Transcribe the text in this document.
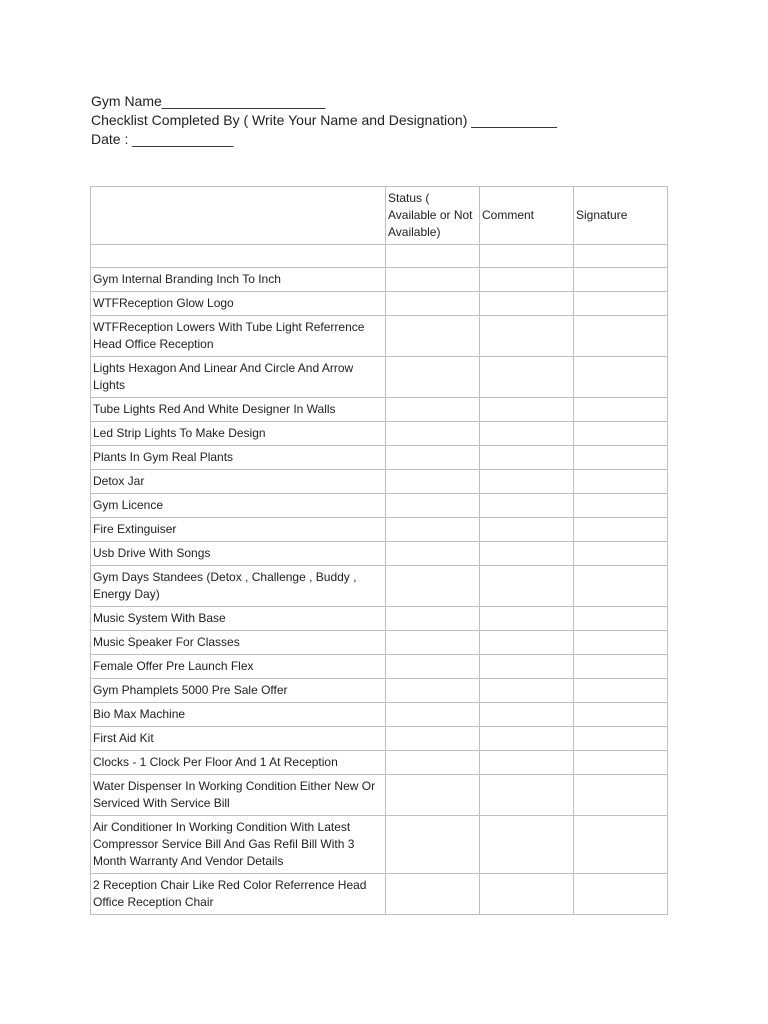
Gym Name_____________________
Checklist Completed By ( Write Your Name and Designation) ___________
Date : _____________
	Status (
Available or Not
Available)	Comment	Signature

Gym Internal Branding Inch To Inch			
WTFReception Glow Logo			
WTFReception Lowers With Tube Light Referrence Head Office Reception			
Lights Hexagon And Linear And Circle And Arrow Lights			
Tube Lights Red And White Designer In Walls			
Led Strip Lights To Make Design			
Plants In Gym Real Plants			
Detox Jar			
Gym Licence			
Fire Extinguiser			
Usb Drive With Songs			
Gym Days Standees (Detox , Challenge , Buddy , Energy Day)			
Music System With Base			
Music Speaker For Classes			
Female Offer Pre Launch Flex			
Gym Phamplets 5000 Pre Sale Offer			
Bio Max Machine			
First Aid Kit			
Clocks - 1 Clock Per Floor And 1 At Reception			
Water Dispenser In Working Condition Either New Or Serviced With Service Bill			
Air Conditioner In Working Condition With Latest Compressor Service Bill And Gas Refil Bill With 3 Month Warranty And Vendor Details			
2 Reception Chair Like Red Color Referrence Head Office Reception Chair			
